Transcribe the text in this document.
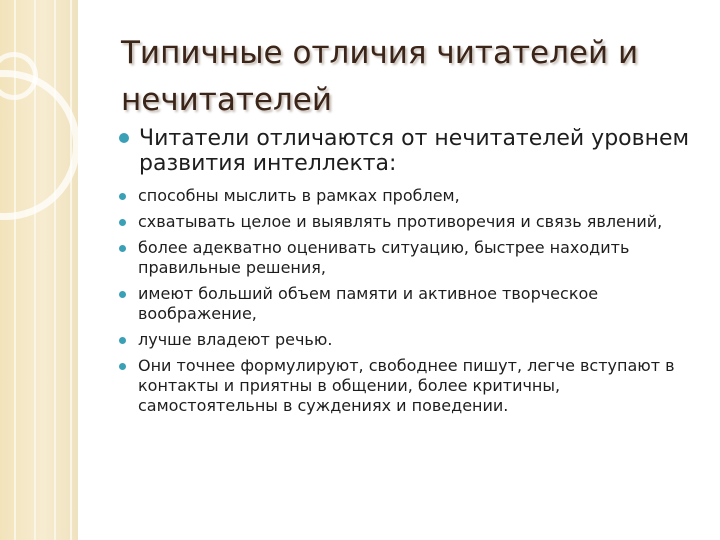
Типичные отличия читателей и нечитателей
Читатели отличаются от нечитателей уровнем развития интеллекта:
способны мыслить в рамках проблем,
схватывать целое и выявлять противоречия и связь явлений,
более адекватно оценивать ситуацию, быстрее находить правильные решения,
имеют больший объем памяти и активное творческое воображение,
лучше владеют речью.
Они точнее формулируют, свободнее пишут, легче вступают в контакты и приятны в общении, более критичны, самостоятельны в суждениях и поведении.
